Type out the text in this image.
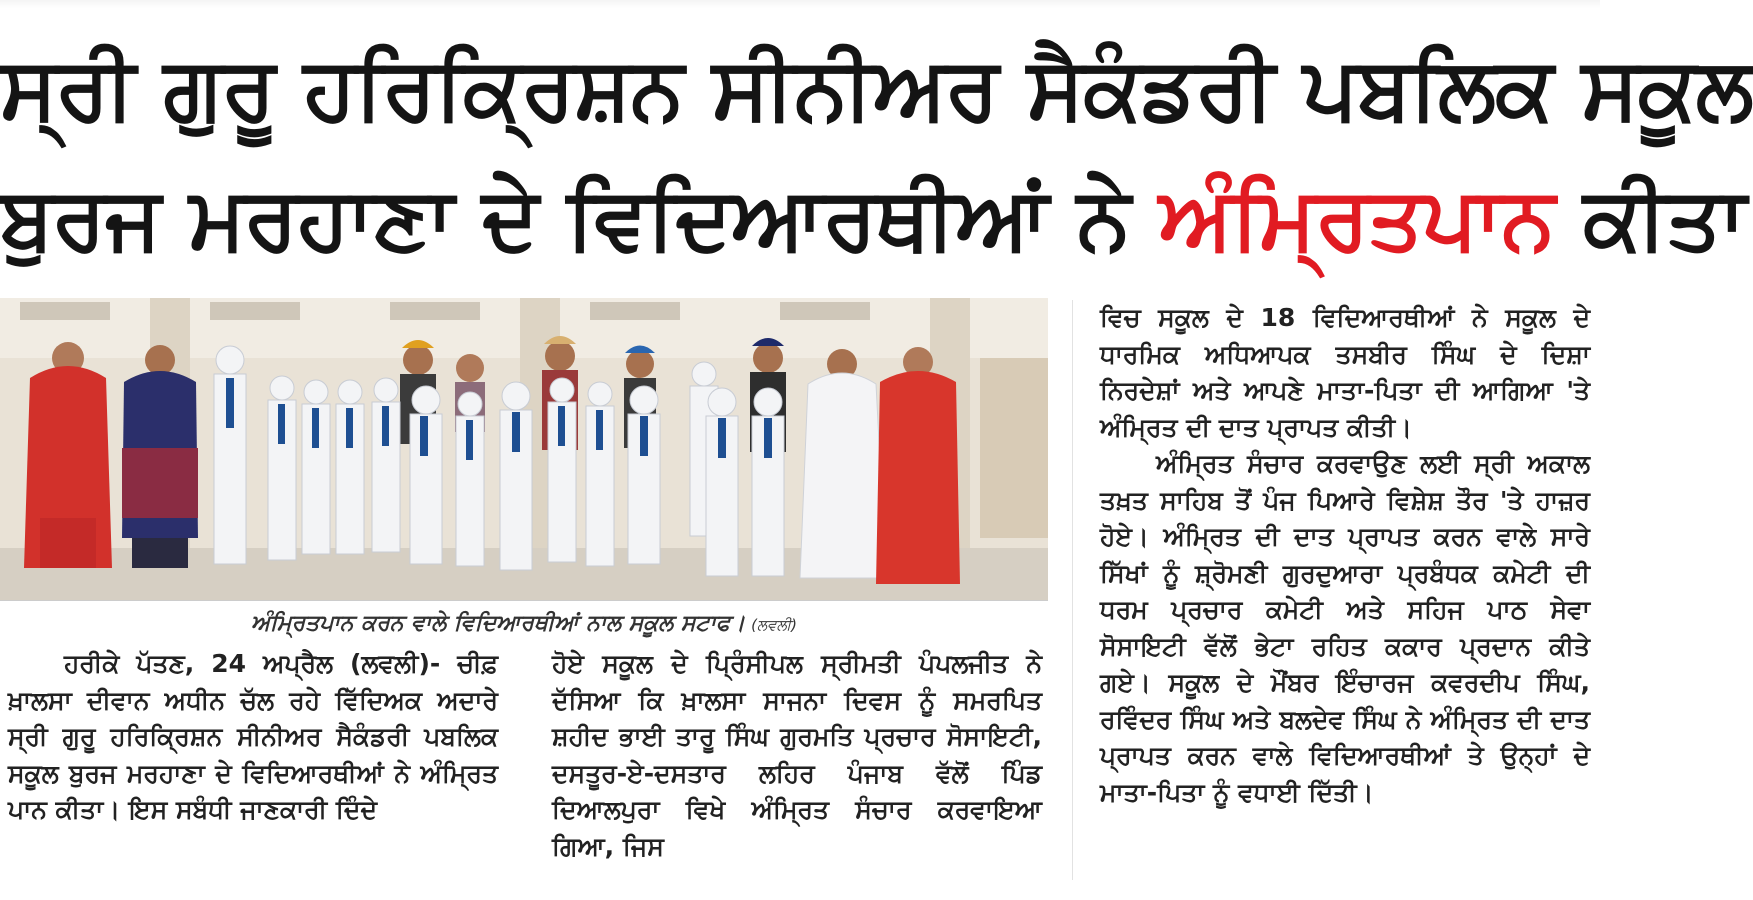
ਸ੍ਰੀ ਗੁਰੂ ਹਰਿਕ੍ਰਿਸ਼ਨ ਸੀਨੀਅਰ ਸੈਕੰਡਰੀ ਪਬਲਿਕ ਸਕੂਲ
ਬੁਰਜ ਮਰਹਾਣਾ ਦੇ ਵਿਦਿਆਰਥੀਆਂ ਨੇ ਅੰਮ੍ਰਿਤਪਾਨ ਕੀਤਾ
ਅੰਮ੍ਰਿਤਪਾਨ ਕਰਨ ਵਾਲੇ ਵਿਦਿਆਰਥੀਆਂ ਨਾਲ ਸਕੂਲ ਸਟਾਫ। (ਲਵਲੀ)

ਹਰੀਕੇ ਪੱਤਣ, 24 ਅਪ੍ਰੈਲ (ਲਵਲੀ)- ਚੀਫ਼ ਖ਼ਾਲਸਾ ਦੀਵਾਨ ਅਧੀਨ ਚੱਲ ਰਹੇ ਵਿੱਦਿਅਕ ਅਦਾਰੇ ਸ੍ਰੀ ਗੁਰੂ ਹਰਿਕ੍ਰਿਸ਼ਨ ਸੀਨੀਅਰ ਸੈਕੰਡਰੀ ਪਬਲਿਕ ਸਕੂਲ ਬੁਰਜ ਮਰਹਾਣਾ ਦੇ ਵਿਦਿਆਰਥੀਆਂ ਨੇ ਅੰਮ੍ਰਿਤ ਪਾਨ ਕੀਤਾ। ਇਸ ਸਬੰਧੀ ਜਾਣਕਾਰੀ ਦਿੰਦੇ

ਹੋਏ ਸਕੂਲ ਦੇ ਪ੍ਰਿੰਸੀਪਲ ਸ੍ਰੀਮਤੀ ਪੰਪਲਜੀਤ ਨੇ ਦੱਸਿਆ ਕਿ ਖ਼ਾਲਸਾ ਸਾਜਨਾ ਦਿਵਸ ਨੂੰ ਸਮਰਪਿਤ ਸ਼ਹੀਦ ਭਾਈ ਤਾਰੂ ਸਿੰਘ ਗੁਰਮਤਿ ਪ੍ਰਚਾਰ ਸੋਸਾਇਟੀ, ਦਸਤੂਰ-ਏ-ਦਸਤਾਰ ਲਹਿਰ ਪੰਜਾਬ ਵੱਲੋਂ ਪਿੰਡ ਦਿਆਲਪੁਰਾ ਵਿਖੇ ਅੰਮ੍ਰਿਤ ਸੰਚਾਰ ਕਰਵਾਇਆ ਗਿਆ, ਜਿਸ

ਵਿਚ ਸਕੂਲ ਦੇ 18 ਵਿਦਿਆਰਥੀਆਂ ਨੇ ਸਕੂਲ ਦੇ ਧਾਰਮਿਕ ਅਧਿਆਪਕ ਤਸਬੀਰ ਸਿੰਘ ਦੇ ਦਿਸ਼ਾ ਨਿਰਦੇਸ਼ਾਂ ਅਤੇ ਆਪਣੇ ਮਾਤਾ-ਪਿਤਾ ਦੀ ਆਗਿਆ 'ਤੇ ਅੰਮ੍ਰਿਤ ਦੀ ਦਾਤ ਪ੍ਰਾਪਤ ਕੀਤੀ।

ਅੰਮ੍ਰਿਤ ਸੰਚਾਰ ਕਰਵਾਉਣ ਲਈ ਸ੍ਰੀ ਅਕਾਲ ਤਖ਼ਤ ਸਾਹਿਬ ਤੋਂ ਪੰਜ ਪਿਆਰੇ ਵਿਸ਼ੇਸ਼ ਤੌਰ 'ਤੇ ਹਾਜ਼ਰ ਹੋਏ। ਅੰਮ੍ਰਿਤ ਦੀ ਦਾਤ ਪ੍ਰਾਪਤ ਕਰਨ ਵਾਲੇ ਸਾਰੇ ਸਿੱਖਾਂ ਨੂੰ ਸ਼੍ਰੋਮਣੀ ਗੁਰਦੁਆਰਾ ਪ੍ਰਬੰਧਕ ਕਮੇਟੀ ਦੀ ਧਰਮ ਪ੍ਰਚਾਰ ਕਮੇਟੀ ਅਤੇ ਸਹਿਜ ਪਾਠ ਸੇਵਾ ਸੋਸਾਇਟੀ ਵੱਲੋਂ ਭੇਟਾ ਰਹਿਤ ਕਕਾਰ ਪ੍ਰਦਾਨ ਕੀਤੇ ਗਏ। ਸਕੂਲ ਦੇ ਮੌਂਬਰ ਇੰਚਾਰਜ ਕਵਰਦੀਪ ਸਿੰਘ, ਰਵਿੰਦਰ ਸਿੰਘ ਅਤੇ ਬਲਦੇਵ ਸਿੰਘ ਨੇ ਅੰਮ੍ਰਿਤ ਦੀ ਦਾਤ ਪ੍ਰਾਪਤ ਕਰਨ ਵਾਲੇ ਵਿਦਿਆਰਥੀਆਂ ਤੇ ਉਨ੍ਹਾਂ ਦੇ ਮਾਤਾ-ਪਿਤਾ ਨੂੰ ਵਧਾਈ ਦਿੱਤੀ।
